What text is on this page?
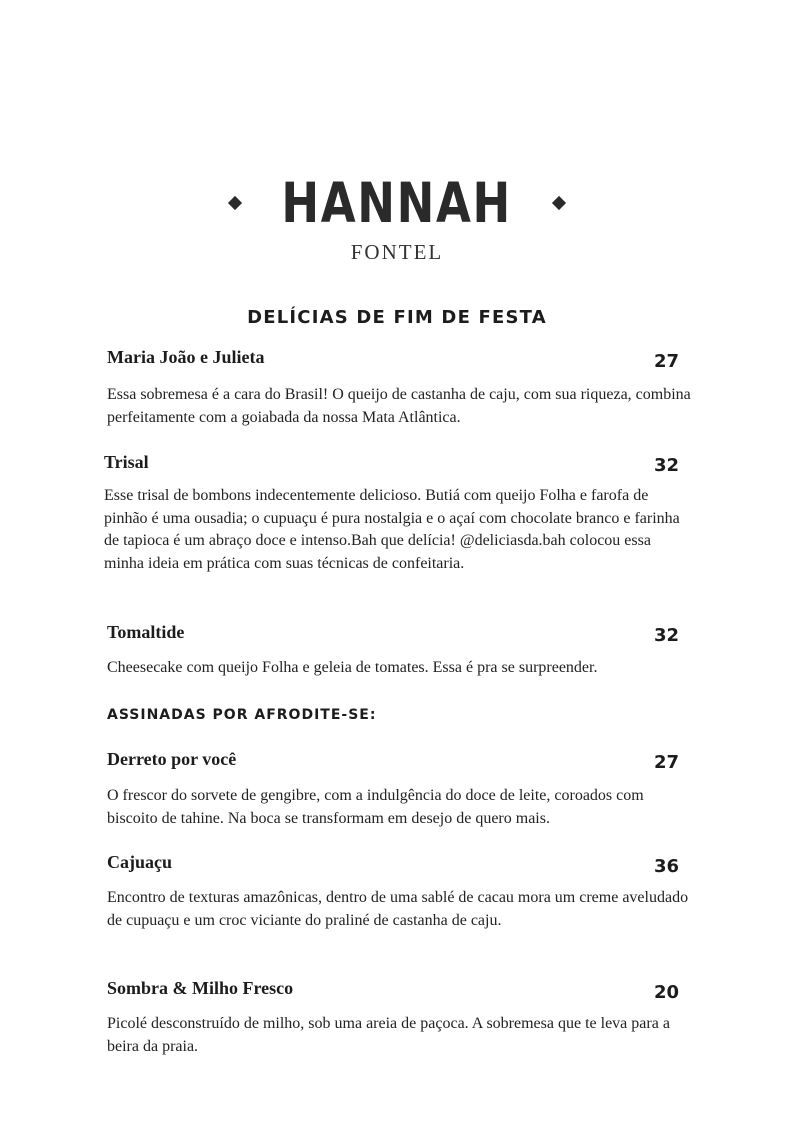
HANNAH
FONTEL
DELÍCIAS DE FIM DE FESTA
Maria João e Julieta	27
Essa sobremesa é a cara do Brasil! O queijo de castanha de caju, com sua riqueza, combina perfeitamente com a goiabada da nossa Mata Atlântica.
Trisal	32
Esse trisal de bombons indecentemente delicioso. Butiá com queijo Folha e farofa de pinhão é uma ousadia; o cupuaçu é pura nostalgia e o açaí com chocolate branco e farinha de tapioca é um abraço doce e intenso.Bah que delícia! @deliciasda.bah colocou essa minha ideia em prática com suas técnicas de confeitaria.
Tomaltide	32
Cheesecake com queijo Folha e geleia de tomates. Essa é pra se surpreender.
ASSINADAS POR AFRODITE-SE:
Derreto por você	27
O frescor do sorvete de gengibre, com a indulgência do doce de leite, coroados com biscoito de tahine. Na boca se transformam em desejo de quero mais.
Cajuaçu	36
Encontro de texturas amazônicas, dentro de uma sablé de cacau mora um creme aveludado de cupuaçu e um croc viciante do praliné de castanha de caju.
Sombra & Milho Fresco	20
Picolé desconstruído de milho, sob uma areia de paçoca. A sobremesa que te leva para a beira da praia.
